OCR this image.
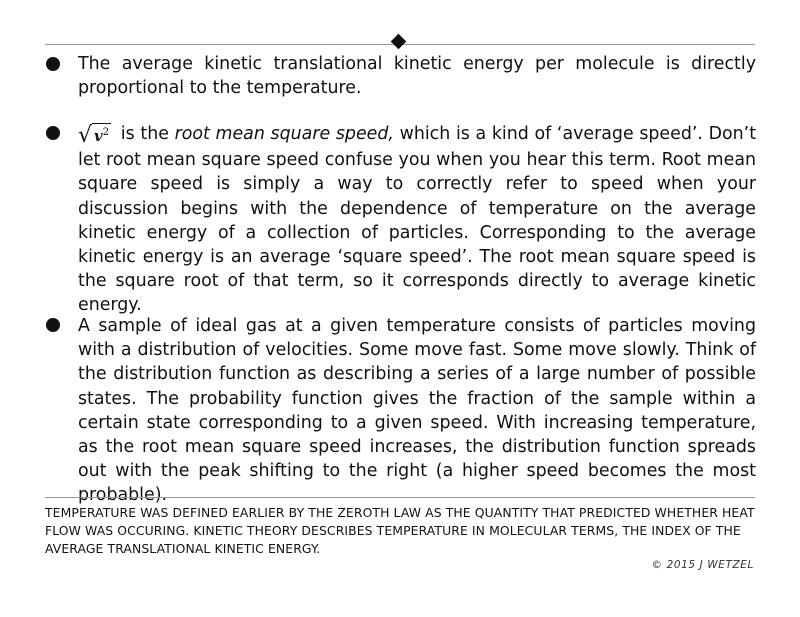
The average kinetic translational kinetic energy per molecule is directly proportional to the temperature.

√ $v^2$ is the root mean square speed, which is a kind of ‘average speed’. Don’t let root mean square speed confuse you when you hear this term. Root mean square speed is simply a way to correctly refer to speed when your discussion begins with the dependence of temperature on the average kinetic energy of a collection of particles. Corresponding to the average kinetic energy is an average ‘square speed’. The root mean square speed is the square root of that term, so it corresponds directly to average kinetic energy.

A sample of ideal gas at a given temperature consists of particles moving with a distribution of velocities. Some move fast. Some move slowly. Think of the distribution function as describing a series of a large number of possible states. The probability function gives the fraction of the sample within a certain state corresponding to a given speed. With increasing temperature, as the root mean square speed increases, the distribution function spreads out with the peak shifting to the right (a higher speed becomes the most probable).

TEMPERATURE WAS DEFINED EARLIER BY THE ZEROTH LAW AS THE QUANTITY THAT PREDICTED WHETHER HEAT FLOW WAS OCCURING. KINETIC THEORY DESCRIBES TEMPERATURE IN MOLECULAR TERMS, THE INDEX OF THE AVERAGE TRANSLATIONAL KINETIC ENERGY.

© 2015 J WETZEL
